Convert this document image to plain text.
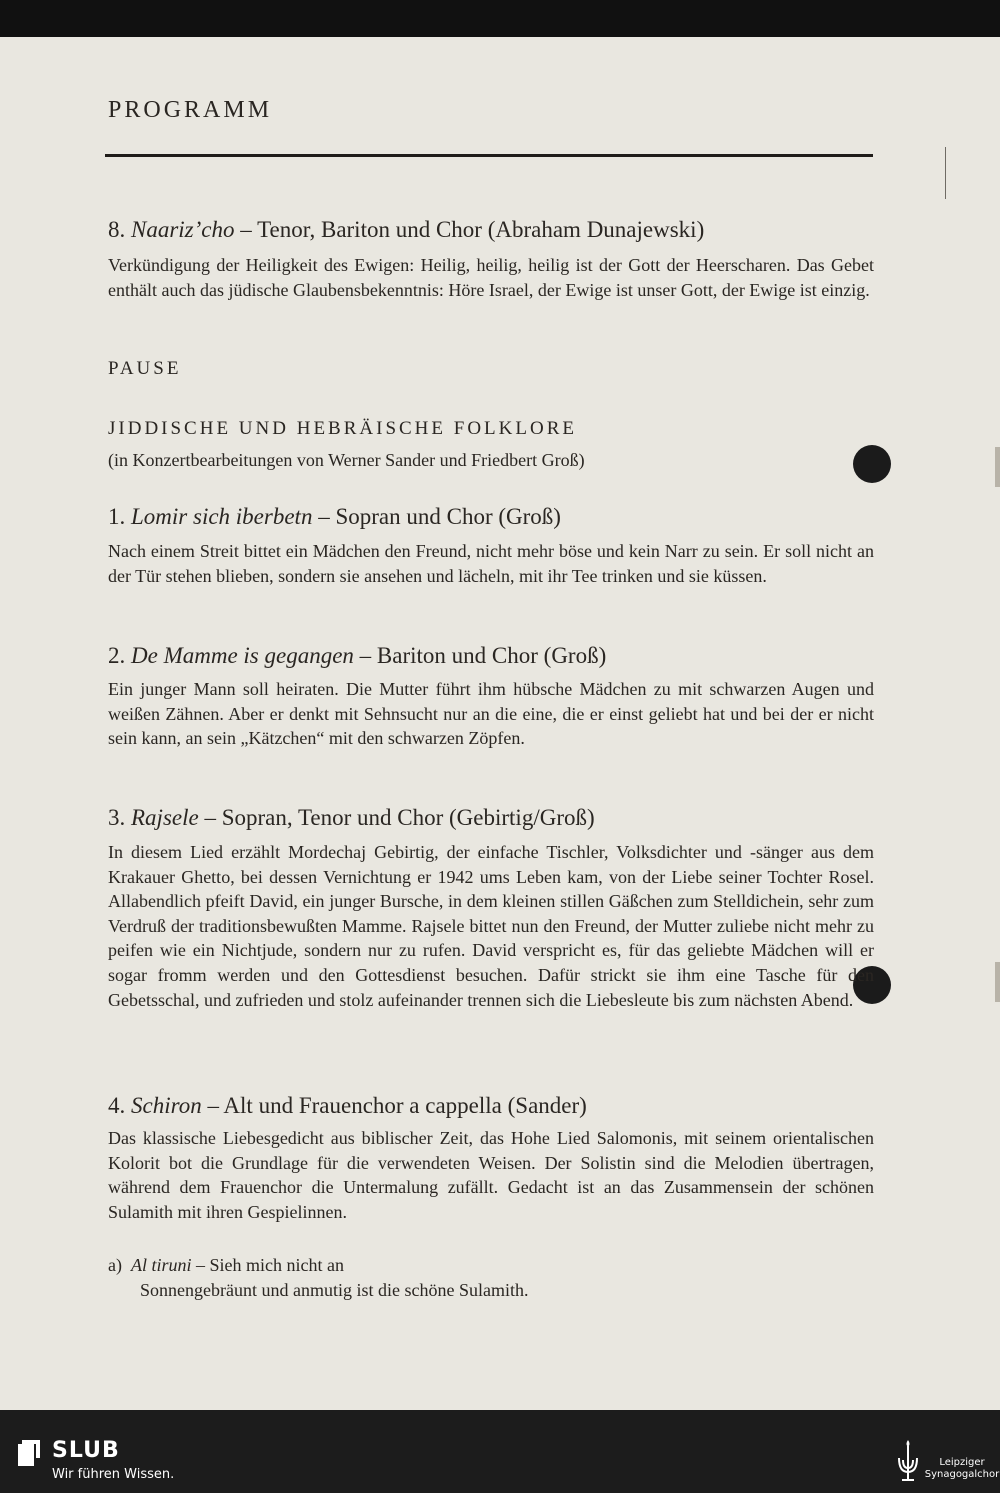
PROGRAMM
8. Naariz’cho – Tenor, Bariton und Chor (Abraham Dunajewski)

Verkündigung der Heiligkeit des Ewigen: Heilig, heilig, heilig ist der Gott der Heerscharen. Das Gebet enthält auch das jüdische Glaubensbekenntnis: Höre Israel, der Ewige ist unser Gott, der Ewige ist einzig.

PAUSE
JIDDISCHE UND HEBRÄISCHE FOLKLORE
(in Konzertbearbeitungen von Werner Sander und Friedbert Groß)
1. Lomir sich iberbetn – Sopran und Chor (Groß)

Nach einem Streit bittet ein Mädchen den Freund, nicht mehr böse und kein Narr zu sein. Er soll nicht an der Tür stehen blieben, sondern sie ansehen und lächeln, mit ihr Tee trinken und sie küssen.

2. De Mamme is gegangen – Bariton und Chor (Groß)

Ein junger Mann soll heiraten. Die Mutter führt ihm hübsche Mädchen zu mit schwarzen Augen und weißen Zähnen. Aber er denkt mit Sehnsucht nur an die eine, die er einst geliebt hat und bei der er nicht sein kann, an sein „Kätzchen“ mit den schwarzen Zöpfen.

3. Rajsele – Sopran, Tenor und Chor (Gebirtig/Groß)

In diesem Lied erzählt Mordechaj Gebirtig, der einfache Tischler, Volksdichter und -sänger aus dem Krakauer Ghetto, bei dessen Vernichtung er 1942 ums Leben kam, von der Liebe seiner Tochter Rosel. Allabendlich pfeift David, ein junger Bursche, in dem kleinen stillen Gäßchen zum Stelldichein, sehr zum Verdruß der traditionsbewußten Mamme. Rajsele bittet nun den Freund, der Mutter zuliebe nicht mehr zu peifen wie ein Nichtjude, sondern nur zu rufen. David verspricht es, für das geliebte Mädchen will er sogar fromm werden und den Gottesdienst besuchen. Dafür strickt sie ihm eine Tasche für den Gebetsschal, und zufrieden und stolz aufeinander trennen sich die Liebesleute bis zum nächsten Abend.

4. Schiron – Alt und Frauenchor a cappella (Sander)

Das klassische Liebesgedicht aus biblischer Zeit, das Hohe Lied Salomonis, mit seinem orientalischen Kolorit bot die Grundlage für die verwendeten Weisen. Der Solistin sind die Melodien übertragen, während dem Frauenchor die Untermalung zufällt. Gedacht ist an das Zusammensein der schönen Sulamith mit ihren Gespielinnen.

a) Al tiruni – Sieh mich nicht an
Sonnengebräunt und anmutig ist die schöne Sulamith.
SLUB
Wir führen Wissen.
Leipziger
Synagogalchor
